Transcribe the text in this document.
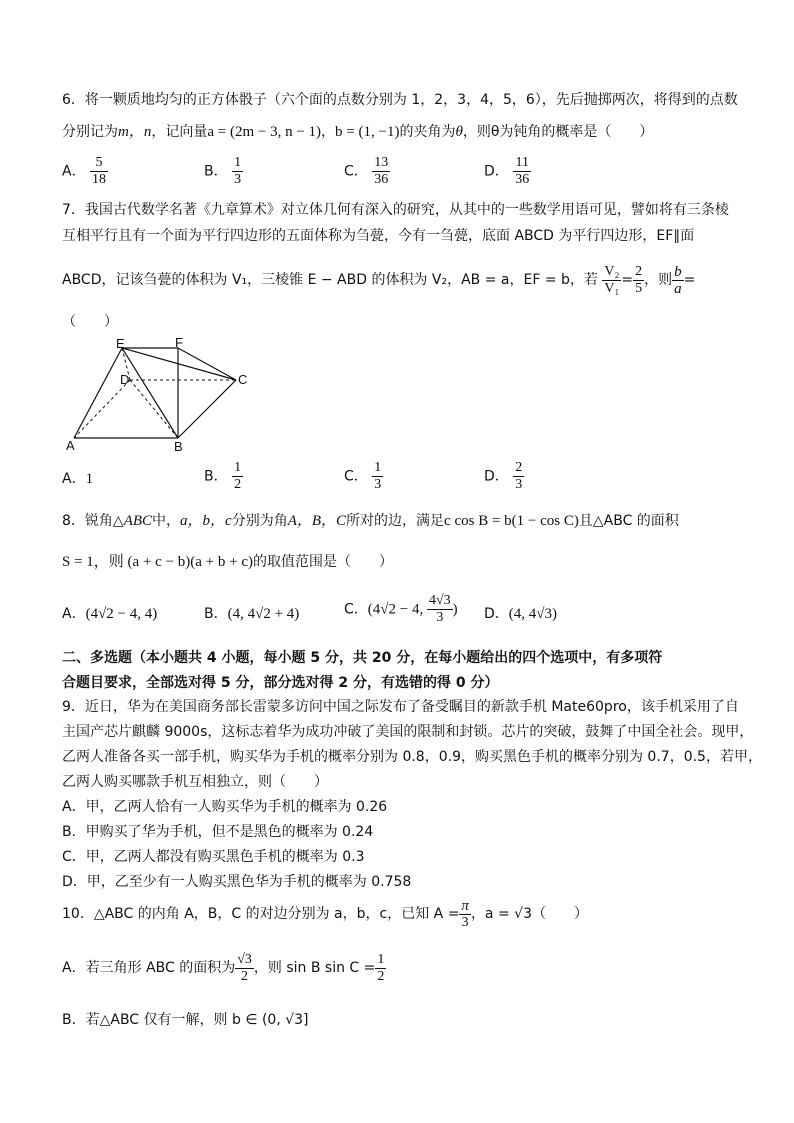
6．将一颗质地均匀的正方体骰子（六个面的点数分别为 1，2，3，4，5，6），先后抛掷两次，将得到的点数
分别记为m，n，记向量a = (2m − 3, n − 1)，b = (1, −1)的夹角为θ，则θ为钝角的概率是（　　）
A． $\frac{5}{18}$	B． $\frac{1}{3}$	C． $\frac{13}{36}$	D． $\frac{11}{36}$
7．我国古代数学名著《九章算术》对立体几何有深入的研究，从其中的一些数学用语可见，譬如将有三条棱
互相平行且有一个面为平行四边形的五面体称为刍甍，今有一刍甍，底面 ABCD 为平行四边形，EF∥面
ABCD，记该刍甍的体积为 V₁，三棱锥 E − ABD 的体积为 V₂，AB = a，EF = b，若 $\frac{\text{V₂}}{\text{V₁}} = \frac{2}{5}$ ，则 $\frac{b}{a}$ =
（　　）
E	F
D	C
A	B
A．1	B． $\frac{1}{2}$	C． $\frac{1}{3}$	D． $\frac{2}{3}$
8．锐角△ABC中，a，b，c分别为角A，B，C所对的边，满足c cos B = b(1 − cos C)且△ABC 的面积
S = 1，则 (a + c − b)(a + b + c)的取值范围是（　　）
A．(4√2 − 4, 4)	B．(4, 4√2 + 4)	C．(4√2 − 4, $\frac{4√3}{3}$ ) D．(4, 4√3)
二、多选题（本小题共 4 小题，每小题 5 分，共 20 分，在每小题给出的四个选项中，有多项符
合题目要求，全部选对得 5 分，部分选对得 2 分，有选错的得 0 分）
9．近日，华为在美国商务部长雷蒙多访问中国之际发布了备受瞩目的新款手机 Mate60pro，该手机采用了自
主国产芯片麒麟 9000s，这标志着华为成功冲破了美国的限制和封锁。芯片的突破，鼓舞了中国全社会。现甲，
乙两人准备各买一部手机，购买华为手机的概率分别为 0.8，0.9，购买黑色手机的概率分别为 0.7，0.5，若甲，
乙两人购买哪款手机互相独立，则（　　）
A．甲，乙两人恰有一人购买华为手机的概率为 0.26
B．甲购买了华为手机，但不是黑色的概率为 0.24
C．甲，乙两人都没有购买黑色手机的概率为 0.3
D．甲，乙至少有一人购买黑色华为手机的概率为 0.758
10．△ABC 的内角 A，B，C 的对边分别为 a，b，c，已知 $A = \frac{\pi}{3}$ ，a = √3（　　）
A．若三角形 ABC 的面积为 $\frac{√3}{2}$ ，则 sin B $\sin C = \frac{1}{2}$
B．若△ABC 仅有一解，则 b ∈ (0, √3]
